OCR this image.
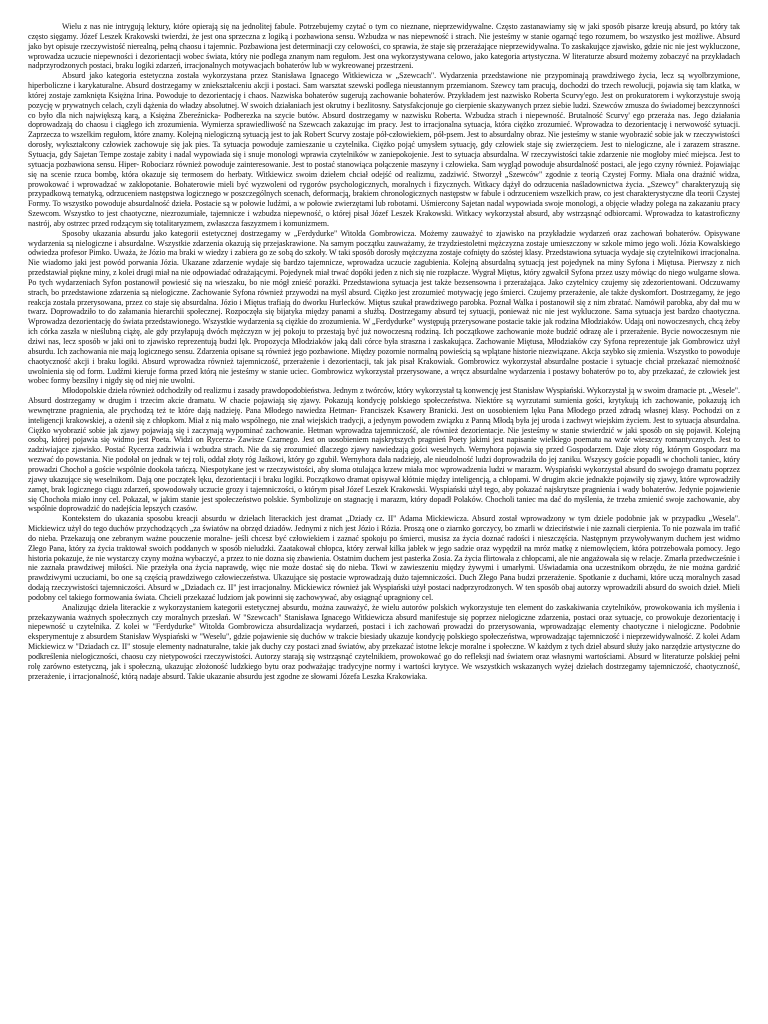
Wielu z nas nie intrygują lektury, które opierają się na jednolitej fabule. Potrzebujemy czytać o tym co nieznane, nieprzewidywalne. Często zastanawiamy się w jaki sposób pisarze kreują absurd, po który tak często sięgamy. Józef Leszek Krakowski twierdzi, że jest ona sprzeczna z logiką i pozbawiona sensu. Wzbudza w nas niepewność i strach. Nie jesteśmy w stanie ogarnąć tego rozumem, bo wszystko jest możliwe. Absurd jako byt opisuje rzeczywistość nierealną, pełną chaosu i tajemnic. Pozbawiona jest determinacji czy celowości, co sprawia, że staje się przerażające nieprzewidywalna. To zaskakujące zjawisko, gdzie nic nie jest wykluczone, wprowadza uczucie niepewności i dezorientacji wobec świata, który nie podlega znanym nam regułom. Jest ona wykorzystywana celowo, jako kategoria artystyczna. W literaturze absurd możemy zobaczyć na przykładach nadprzyrodzonych postaci, braku logiki zdarzeń, irracjonalnych motywacjach bohaterów lub w wykreowanej przestrzeni.

Absurd jako kategoria estetyczna została wykorzystana przez Stanisława Ignacego Witkiewicza w „Szewcach". Wydarzenia przedstawione nie przypominają prawdziwego życia, lecz są wyolbrzymione, hiperboliczne i karykaturalne. Absurd dostrzegamy w zniekształceniu akcji i postaci. Sam warsztat szewski podlega nieustannym przemianom. Szewcy tam pracują, dochodzi do trzech rewolucji, pojawia się tam klatka, w której zostaje zamknięta Księżna Irina. Powoduje to dezorientację i chaos. Nazwiska bohaterów sugerują zachowanie bohaterów. Przykładem jest nazwisko Roberta Scurvy'ego. Jest on prokuratorem i wykorzystuje swoją pozycję w prywatnych celach, czyli dążenia do władzy absolutnej. W swoich działaniach jest okrutny i bezlitosny. Satysfakcjonuje go cierpienie skazywanych przez siebie ludzi. Szewców zmusza do świadomej bezczynności co było dla nich największą karą, a Księżna Zbereźnicka- Podberezka na szycie butów. Absurd dostrzegamy w nazwisku Roberta. Wzbudza strach i niepewność. Brutalność Scurvy' ego przeraża nas. Jego działania doprowadzają do chaosu i ciągłego ich zrozumienia. Wymierza sprawiedliwość na Szewcach zakazując im pracy. Jest to irracjonalna sytuacja, która ciężko zrozumieć. Wprowadza to dezorientację i nerwowość sytuacji. Zaprzecza to wszelkim regułom, które znamy. Kolejną nielogiczną sytuacją jest to jak Robert Scurvy zostaje pół-człowiekiem, pół-psem. Jest to absurdalny obraz. Nie jesteśmy w stanie wyobrazić sobie jak w rzeczywistości dorosły, wykształcony człowiek zachowuje się jak pies. Ta sytuacja powoduje zamieszanie u czytelnika. Ciężko pojąć umysłem sytuację, gdy człowiek staje się zwierzęciem. Jest to nielogiczne, ale i zarazem straszne. Sytuacja, gdy Sajetan Tempe zostaje zabity i nadal wypowiada się i snuje monologi wprawia czytelników w zaniepokojenie. Jest to sytuacja absurdalna. W rzeczywistości takie zdarzenie nie mogłoby mieć miejsca. Jest to sytuacja pozbawiona sensu. Hiper- Robociarz również powoduje zainteresowanie. Jest to postać stanowiąca połączenie maszyny i człowieka. Sam wygląd powoduje absurdalność postaci, ale jego czyny również. Pojawiając się na scenie rzuca bombę, która okazuje się termosem do herbaty. Witkiewicz swoim dziełem chciał odejść od realizmu, zadziwić. Stworzył „Szewców" zgodnie z teorią Czystej Formy. Miała ona drażnić widza, prowokować i wprowadzać w zakłopotanie. Bohaterowie mieli być wyzwoleni od rygorów psychologicznych, moralnych i fizycznych. Witkacy dążył do odrzucenia naśladownictwa życia. „Szewcy" charakteryzują się przypadkową tematyką, odrzuceniem następstwa logicznego w poszczególnych scenach, deformacją, brakiem chronologicznych następstw w fabule i odrzuceniem wszelkich praw, co jest charakterystyczne dla teorii Czystej Formy. To wszystko powoduje absurdalność dzieła. Postacie są w połowie ludźmi, a w połowie zwierzętami lub robotami. Uśmiercony Sajetan nadal wypowiada swoje monologi, a objęcie władzy polega na zakazaniu pracy Szewcom. Wszystko to jest chaotyczne, niezrozumiałe, tajemnicze i wzbudza niepewność, o której pisał Józef Leszek Krakowski. Witkacy wykorzystał absurd, aby wstrząsnąć odbiorcami. Wprowadza to katastroficzny nastrój, aby ostrzec przed rodzącym się totalitaryzmem, zwłaszcza faszyzmem i komunizmem.

Sposoby ukazania absurdu jako kategorii estetycznej dostrzegamy w „Ferdydurke" Witolda Gombrowicza. Możemy zauważyć to zjawisko na przykładzie wydarzeń oraz zachowań bohaterów. Opisywane wydarzenia są nielogiczne i absurdalne. Wszystkie zdarzenia okazują się przejaskrawione. Na samym początku zauważamy, że trzydziestoletni mężczyzna zostaje umieszczony w szkole mimo jego woli. Józia Kowalskiego odwiedza profesor Pimko. Uważa, że Józio ma braki w wiedzy i zabiera go ze sobą do szkoły. W taki sposób dorosły mężczyzna zostaje cofnięty do szóstej klasy. Przedstawiona sytuacja wydaje się czytelnikowi irracjonalna. Nie wiadomo jaki jest powód porwania Józia. Ukazane zdarzenie wydaje się bardzo tajemnicze, wprowadza uczucie zagubienia. Kolejną absurdalną sytuacją jest pojedynek na miny Syfona i Miętusa. Pierwszy z nich przedstawiał piękne miny, z kolei drugi miał na nie odpowiadać odrażającymi. Pojedynek miał trwać dopóki jeden z nich się nie rozpłacze. Wygrał Miętus, który zgwałcił Syfona przez uszy mówiąc do niego wulgarne słowa. Po tych wydarzeniach Syfon postanowił powiesić się na wieszaku, bo nie mógł znieść porażki. Przedstawiona sytuacja jest także bezsensowna i przerażająca. Jako czytelnicy czujemy się zdezorientowani. Odczuwamy strach, bo przedstawione zdarzenia są nielogiczne. Zachowanie Syfona również przywodzi na myśl absurd. Ciężko jest zrozumieć motywację jego śmierci. Czujemy przerażenie, ale także dyskomfort. Dostrzegamy, że jego reakcja została przerysowana, przez co staje się absurdalna. Józio i Miętus trafiają do dworku Hurlecków. Miętus szukał prawdziwego parobka. Poznał Walka i postanowił się z nim zbratać. Namówił parobka, aby dał mu w twarz. Doprowadziło to do załamania hierarchii społecznej. Rozpoczęła się bijatyka między panami a służbą. Dostrzegamy absurd tej sytuacji, ponieważ nic nie jest wykluczone. Sama sytuacja jest bardzo chaotyczna. Wprowadza dezorientację do świata przedstawionego. Wszystkie wydarzenia są ciężkie do zrozumienia. W „Ferdydurke" występują przerysowane postacie takie jak rodzina Młodziaków. Udają oni nowoczesnych, chcą żeby ich córka zaszła w nieślubną ciążę, ale gdy przyłapują dwóch mężczyzn w jej pokoju to przestają być już nowoczesną rodziną. Ich początkowe zachowanie może budzić odrazę ale i przerażenie. Bycie nowoczesnym nie dziwi nas, lecz sposób w jaki oni to zjawisko reprezentują budzi lęk. Propozycja Młodziaków jaką dali córce była straszna i zaskakująca. Zachowanie Miętusa, Młodziaków czy Syfona reprezentuje jak Gombrowicz użył absurdu. Ich zachowania nie mają logicznego sensu. Zdarzenia opisane są również jego pozbawione. Między pozornie normalną powieścią są wplątane historie niezwiązane. Akcja szybko się zmienia. Wszystko to powoduje chaotyczność akcji i braku logiki. Absurd wprowadza również tajemniczość, przerażenie i dezorientacji, tak jak pisał Krakowiak. Gombrowicz wykorzystał absurdalne postacie i sytuacje chciał przekazać niemożność uwolnienia się od form. Ludźmi kieruje forma przed którą nie jesteśmy w stanie uciec. Gombrowicz wykorzystał przerysowane, a wręcz absurdalne wydarzenia i postawy bohaterów po to, aby przekazać, że człowiek jest wobec formy bezsilny i nigdy się od niej nie uwolni.

Młodopolskie dzieła również odchodziły od realizmu i zasady prawdopodobieństwa. Jednym z twórców, który wykorzystał tą konwencję jest Stanisław Wyspiański. Wykorzystał ją w swoim dramacie pt. „Wesele". Absurd dostrzegamy w drugim i trzecim akcie dramatu. W chacie pojawiają się zjawy. Pokazują kondycję polskiego społeczeństwa. Niektóre są wyrzutami sumienia gości, krytykują ich zachowanie, pokazują ich wewnętrzne pragnienia, ale prychodzą też te które dają nadzieję. Pana Młodego nawiedza Hetman- Franciszek Ksawery Branicki. Jest on uosobieniem lęku Pana Młodego przed zdradą własnej klasy. Pochodzi on z inteligencji krakowskiej, a ożenił się z chłopkom. Miał z nią mało wspólnego, nie znał wiejskich tradycji, a jedynym powodem związku z Panną Młodą była jej uroda i zachwyt wiejskim życiem. Jest to sytuacja absurdalna. Ciężko wyobrazić sobie jak zjawy pojawiają się i zaczynają wypominać zachowanie. Hetman wprowadza tajemniczość, ale również dezorientacje. Nie jesteśmy w stanie stwierdzić w jaki sposób on się pojawił. Kolejną osobą, której pojawia się widmo jest Poeta. Widzi on Rycerza- Zawisze Czarnego. Jest on uosobieniem najskrytszych pragnień Poety jakimi jest napisanie wielkiego poematu na wzór wieszczy romantycznych. Jest to zadziwiające zjawisko. Postać Rycerza zadziwia i wzbudza strach. Nie da się zrozumieć dlaczego zjawy nawiedzają gości weselnych. Wernyhora pojawia się przed Gospodarzem. Daje złoty róg, którym Gospodarz ma wezwać do powstania. Nie podołał on jednak w tej roli, oddał złoty róg Jaśkowi, który go zgubił. Wernyhora dała nadzieję, ale nieudolność ludzi doprowadziła do jej zaniku. Wszyscy goście popadli w chocholi taniec, który prowadzi Chochoł a goście wspólnie dookoła tańczą. Niespotykane jest w rzeczywistości, aby słoma otulająca krzew miała moc wprowadzenia ludzi w marazm. Wyspiański wykorzystał absurd do swojego dramatu poprzez zjawy ukazujące się weselnikom. Dają one początek lęku, dezorientacji i braku logiki. Początkowo dramat opisywał kłótnie między inteligencją, a chłopami. W drugim akcie jednakże pojawiły się zjawy, które wprowadziły zamęt, brak logicznego ciągu zdarzeń, spowodowały uczucie grozy i tajemniczości, o którym pisał Józef Leszek Krakowski. Wyspiański użył tego, aby pokazać najskrytsze pragnienia i wady bohaterów. Jedynie pojawienie się Chochoła miało inny cel. Pokazał, w jakim stanie jest społeczeństwo polskie. Symbolizuje on stagnację i marazm, który dopadł Polaków. Chocholi taniec ma dać do myślenia, że trzeba zmienić swoje zachowanie, aby wspólnie doprowadzić do nadejścia lepszych czasów.

Kontekstem do ukazania sposobu kreacji absurdu w dziełach literackich jest dramat „Dziady cz. II" Adama Mickiewicza. Absurd został wprowadzony w tym dziele podobnie jak w przypadku „Wesela". Mickiewicz użył do tego duchów przychodzących „za światów na obrzęd dziadów. Jednymi z nich jest Józio i Rózia. Proszą one o ziarnko gorczycy, bo zmarli w dzieciństwie i nie zaznali cierpienia. To nie pozwala im trafić do nieba. Przekazują one zebranym ważne pouczenie moralne- jeśli chcesz być człowiekiem i zaznać spokoju po śmierci, musisz za życia doznać radości i nieszczęścia. Następnym przywoływanym duchem jest widmo Złego Pana, który za życia traktował swoich poddanych w sposób nieludzki. Zaatakował chłopca, który zerwał kilka jabłek w jego sadzie oraz wypędził na mróz matkę z niemowlęciem, która potrzebowała pomocy. Jego historia pokazuje, że nie wystarczy czyny można wybaczyć, a przez to nie dozna się zbawienia. Ostatnim duchem jest pasterka Zosia. Za życia flirtowała z chłopcami, ale nie angażowała się w relacje. Zmarła przedwcześnie i nie zaznała prawdziwej miłości. Nie przeżyła ona życia naprawdę, więc nie może dostać się do nieba. Tkwi w zawieszeniu między żywymi i umarłymi. Uświadamia ona uczestnikom obrzędu, że nie można gardzić prawdziwymi uczuciami, bo one są częścią prawdziwego człowieczeństwa. Ukazujące się postacie wprowadzają dużo tajemniczości. Duch Złego Pana budzi przerażenie. Spotkanie z duchami, które uczą moralnych zasad dodają rzeczywistości tajemniczości. Absurd w „Dziadach cz. II" jest irracjonalny. Mickiewicz również jak Wyspiański użył postaci nadprzyrodzonych. W ten sposób obaj autorzy wprowadzili absurd do swoich dzieł. Mieli podobny cel takiego formowania świata. Chcieli przekazać ludziom jak powinni się zachowywać, aby osiągnąć upragniony cel.

Analizując dzieła literackie z wykorzystaniem kategorii estetycznej absurdu, można zauważyć, że wielu autorów polskich wykorzystuje ten element do zaskakiwania czytelników, prowokowania ich myślenia i przekazywania ważnych społecznych czy moralnych przesłań. W "Szewcach" Stanisława Ignacego Witkiewicza absurd manifestuje się poprzez nielogiczne zdarzenia, postaci oraz sytuacje, co prowokuje dezorientację i niepewność u czytelnika. Z kolei w "Ferdydurke" Witolda Gombrowicza absurdalizacja wydarzeń, postaci i ich zachowań prowadzi do przerysowania, wprowadzając elementy chaotyczne i nielogiczne. Podobnie eksperymentuje z absurdem Stanisław Wyspiański w "Weselu", gdzie pojawienie się duchów w trakcie biesiady ukazuje kondycję polskiego społeczeństwa, wprowadzając tajemniczość i nieprzewidywalność. Z kolei Adam Mickiewicz w "Dziadach cz. II" stosuje elementy nadnaturalne, takie jak duchy czy postaci znad światów, aby przekazać istotne lekcje moralne i społeczne. W każdym z tych dzieł absurd służy jako narzędzie artystyczne do podkreślenia nielogiczności, chaosu czy nietypowości rzeczywistości. Autorzy starają się wstrząsnąć czytelnikiem, prowokować go do refleksji nad światem oraz własnymi wartościami. Absurd w literaturze polskiej pełni rolę zarówno estetyczną, jak i społeczną, ukazując złożoność ludzkiego bytu oraz podważając tradycyjne normy i wartości krytyce. We wszystkich wskazanych wyżej dziełach dostrzegamy tajemniczość, chaotyczność, przerażenie, i irracjonalność, którą nadaje absurd. Takie ukazanie absurdu jest zgodne ze słowami Józefa Leszka Krakowiaka.
